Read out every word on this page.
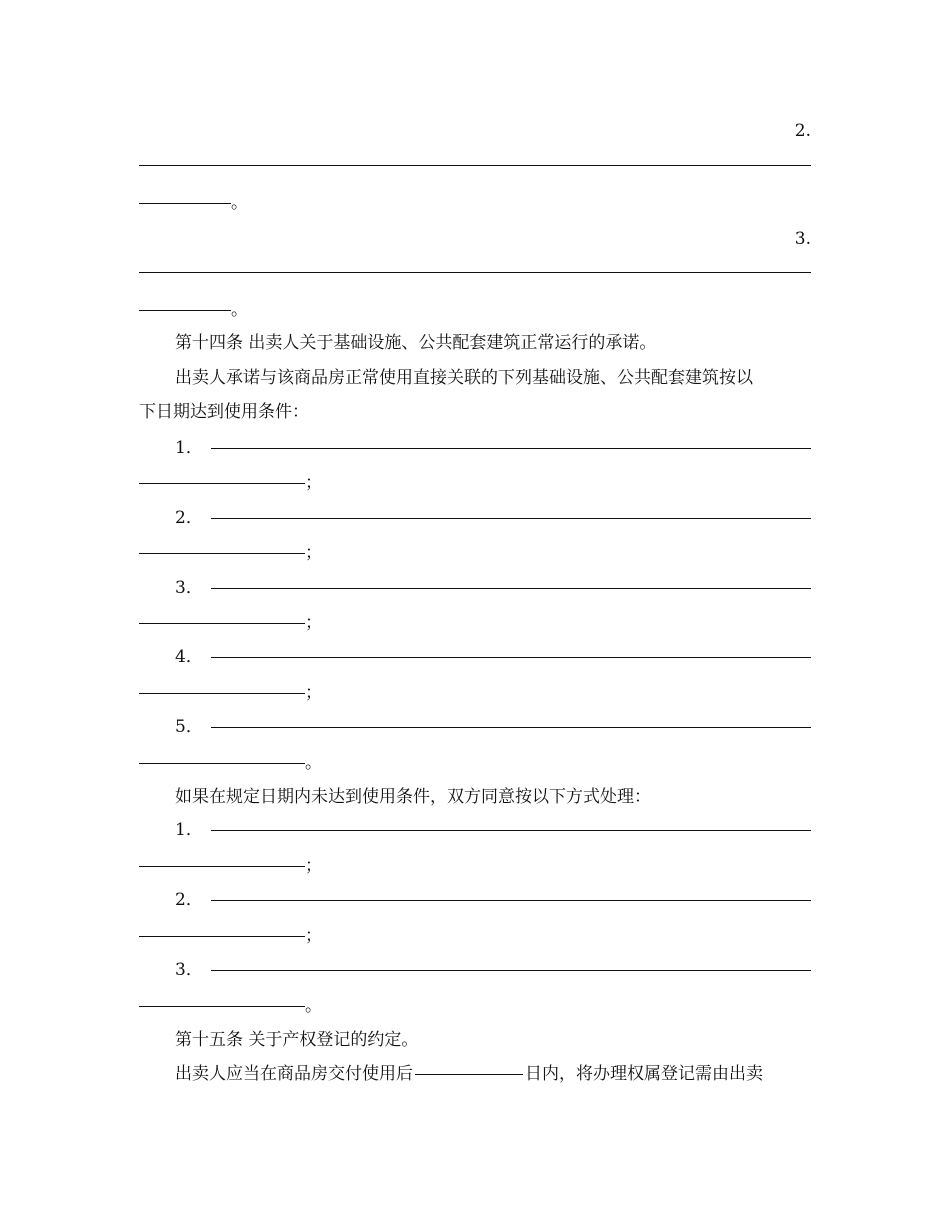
2.
。
3.
。
第十四条 出卖人关于基础设施、公共配套建筑正常运行的承诺。
出卖人承诺与该商品房正常使用直接关联的下列基础设施、公共配套建筑按以
下日期达到使用条件：
1．
；
2．
；
3．
；
4．
；
5．
。
如果在规定日期内未达到使用条件，双方同意按以下方式处理：
1．
；
2．
；
3．
。
第十五条 关于产权登记的约定。
出卖人应当在商品房交付使用后	日内，将办理权属登记需由出卖
